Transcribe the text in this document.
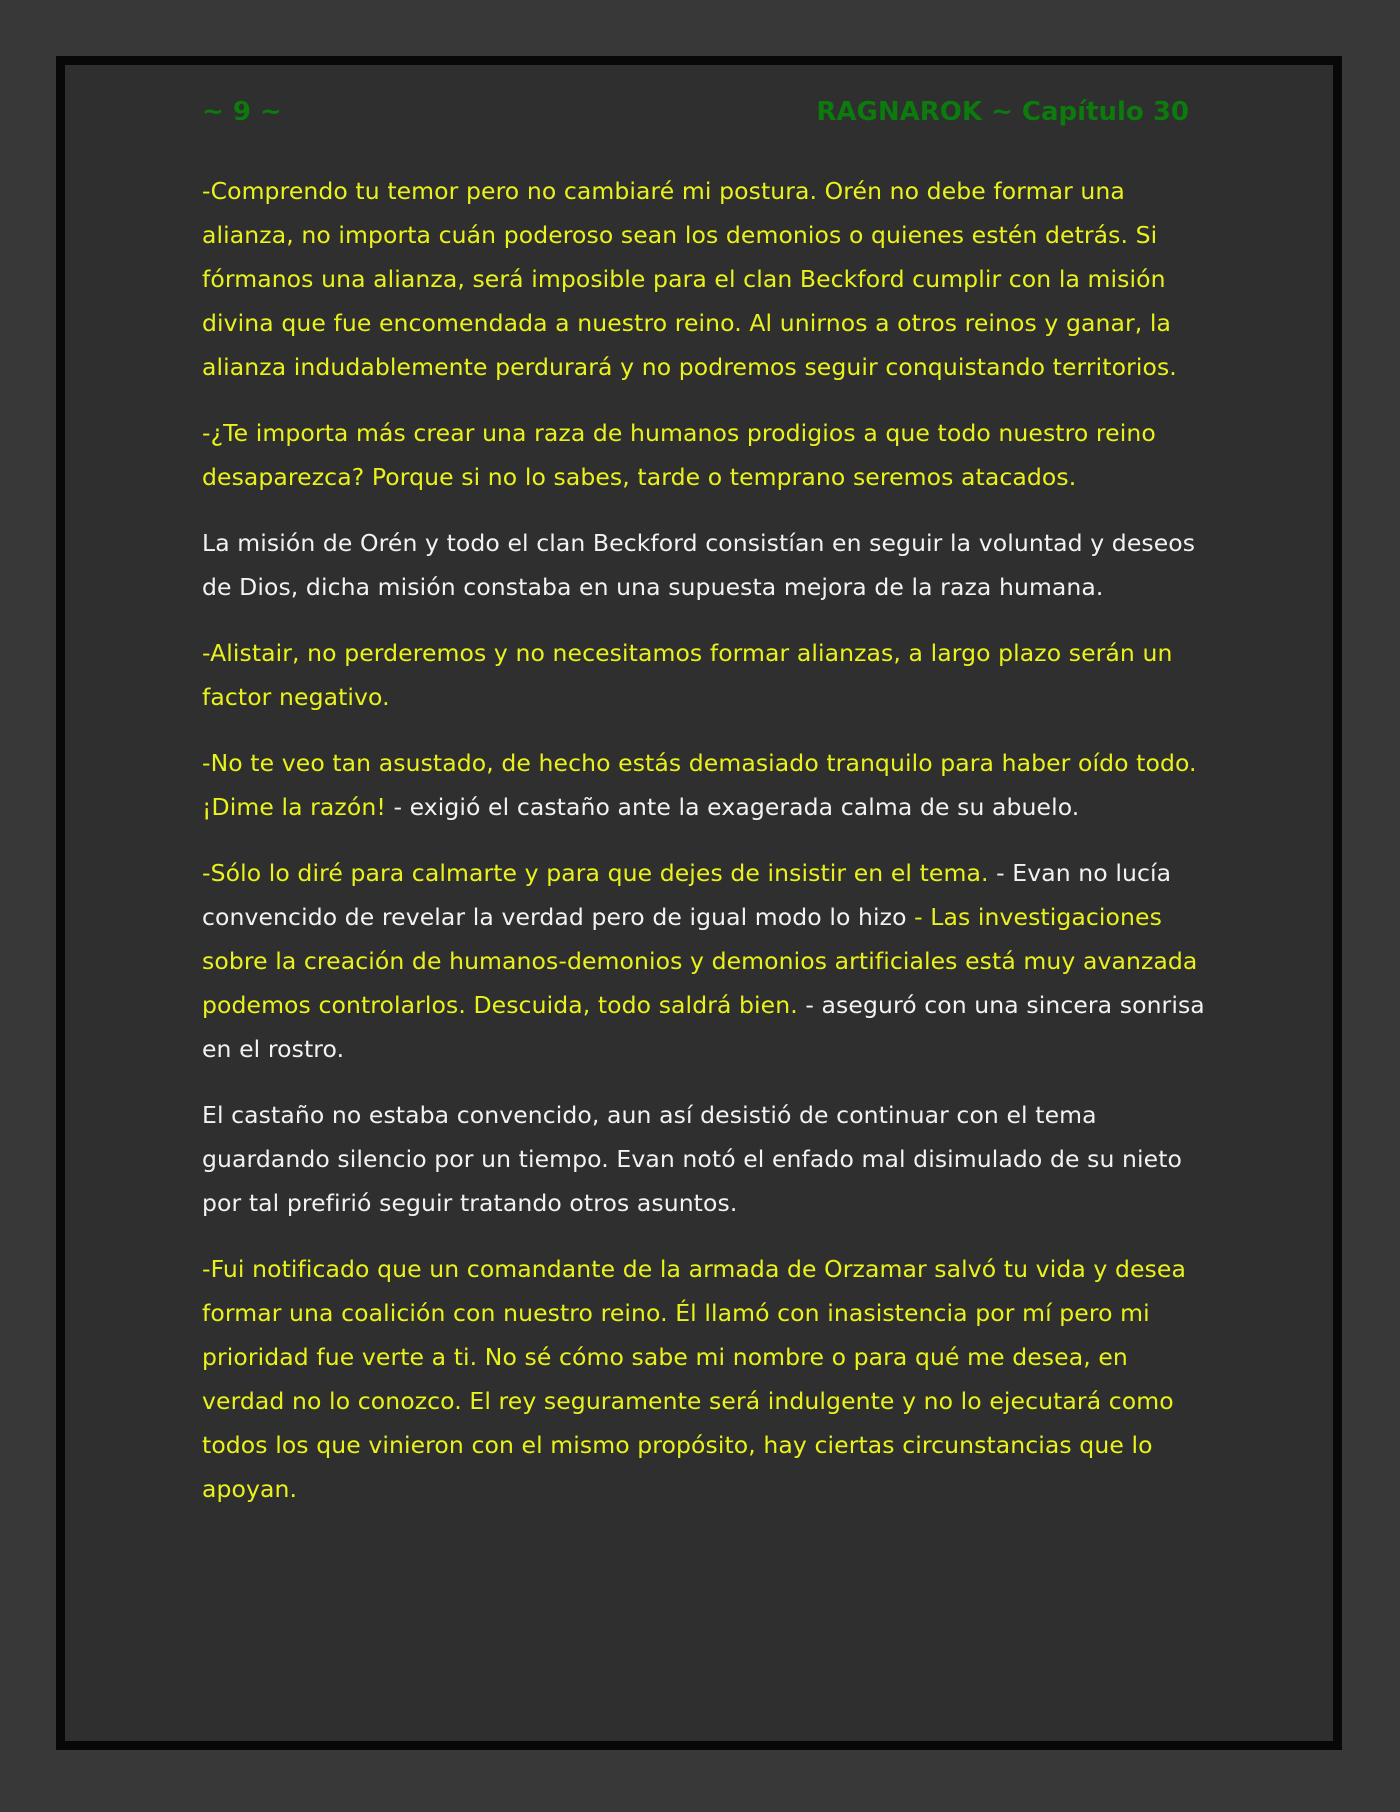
~ 9 ~	RAGNAROK ~ Capítulo 30

-Comprendo tu temor pero no cambiaré mi postura. Orén no debe formar una alianza, no importa cuán poderoso sean los demonios o quienes estén detrás. Si fórmanos una alianza, será imposible para el clan Beckford cumplir con la misión divina que fue encomendada a nuestro reino. Al unirnos a otros reinos y ganar, la alianza indudablemente perdurará y no podremos seguir conquistando territorios.

-¿Te importa más crear una raza de humanos prodigios a que todo nuestro reino desaparezca? Porque si no lo sabes, tarde o temprano seremos atacados.

La misión de Orén y todo el clan Beckford consistían en seguir la voluntad y deseos de Dios, dicha misión constaba en una supuesta mejora de la raza humana.

-Alistair, no perderemos y no necesitamos formar alianzas, a largo plazo serán un factor negativo.

-No te veo tan asustado, de hecho estás demasiado tranquilo para haber oído todo. ¡Dime la razón! - exigió el castaño ante la exagerada calma de su abuelo.

-Sólo lo diré para calmarte y para que dejes de insistir en el tema. - Evan no lucía convencido de revelar la verdad pero de igual modo lo hizo - Las investigaciones sobre la creación de humanos-demonios y demonios artificiales está muy avanzada podemos controlarlos. Descuida, todo saldrá bien. - aseguró con una sincera sonrisa en el rostro.

El castaño no estaba convencido, aun así desistió de continuar con el tema guardando silencio por un tiempo. Evan notó el enfado mal disimulado de su nieto por tal prefirió seguir tratando otros asuntos.

-Fui notificado que un comandante de la armada de Orzamar salvó tu vida y desea formar una coalición con nuestro reino. Él llamó con inasistencia por mí pero mi prioridad fue verte a ti. No sé cómo sabe mi nombre o para qué me desea, en verdad no lo conozco. El rey seguramente será indulgente y no lo ejecutará como todos los que vinieron con el mismo propósito, hay ciertas circunstancias que lo apoyan.
